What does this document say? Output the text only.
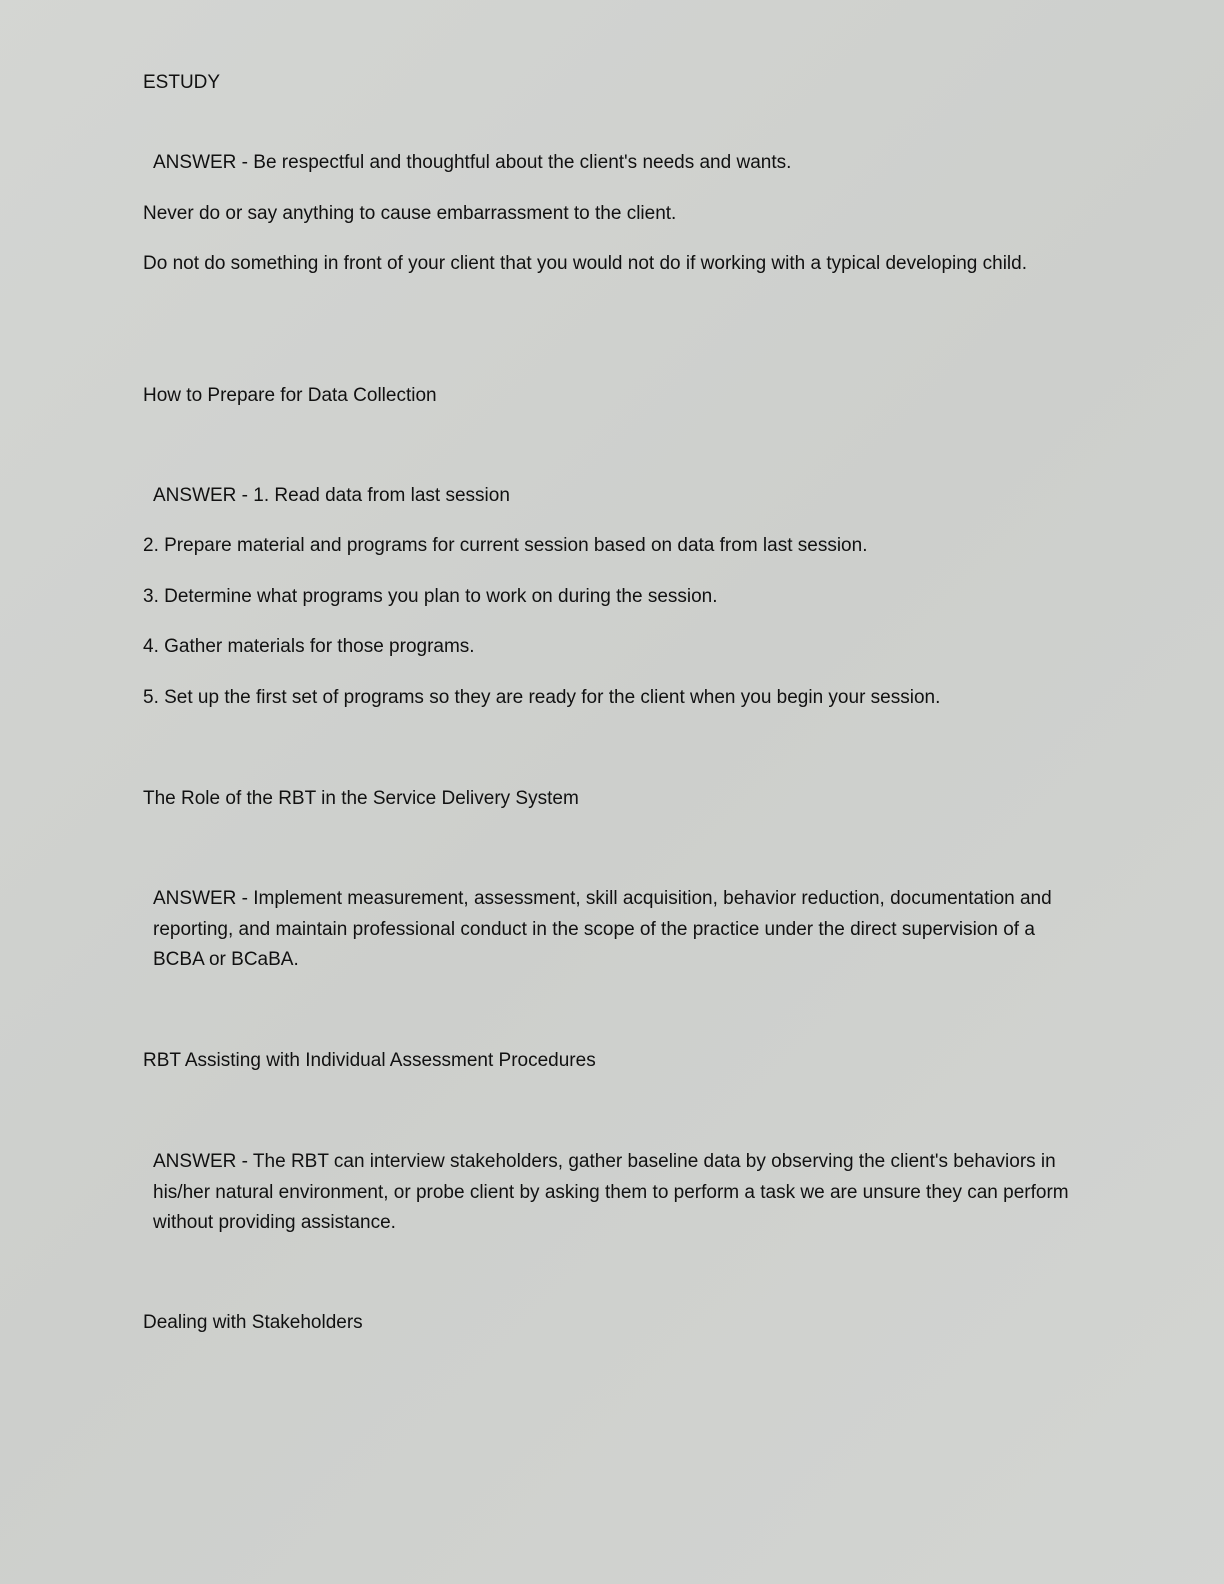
ESTUDY

ANSWER - Be respectful and thoughtful about the client's needs and wants.

Never do or say anything to cause embarrassment to the client.

Do not do something in front of your client that you would not do if working with a typical developing child.

How to Prepare for Data Collection

ANSWER - 1. Read data from last session

2. Prepare material and programs for current session based on data from last session.

3. Determine what programs you plan to work on during the session.

4. Gather materials for those programs.

5. Set up the first set of programs so they are ready for the client when you begin your session.

The Role of the RBT in the Service Delivery System

ANSWER - Implement measurement, assessment, skill acquisition, behavior reduction, documentation and reporting, and maintain professional conduct in the scope of the practice under the direct supervision of a BCBA or BCaBA.

RBT Assisting with Individual Assessment Procedures

ANSWER - The RBT can interview stakeholders, gather baseline data by observing the client's behaviors in his/her natural environment, or probe client by asking them to perform a task we are unsure they can perform without providing assistance.

Dealing with Stakeholders
